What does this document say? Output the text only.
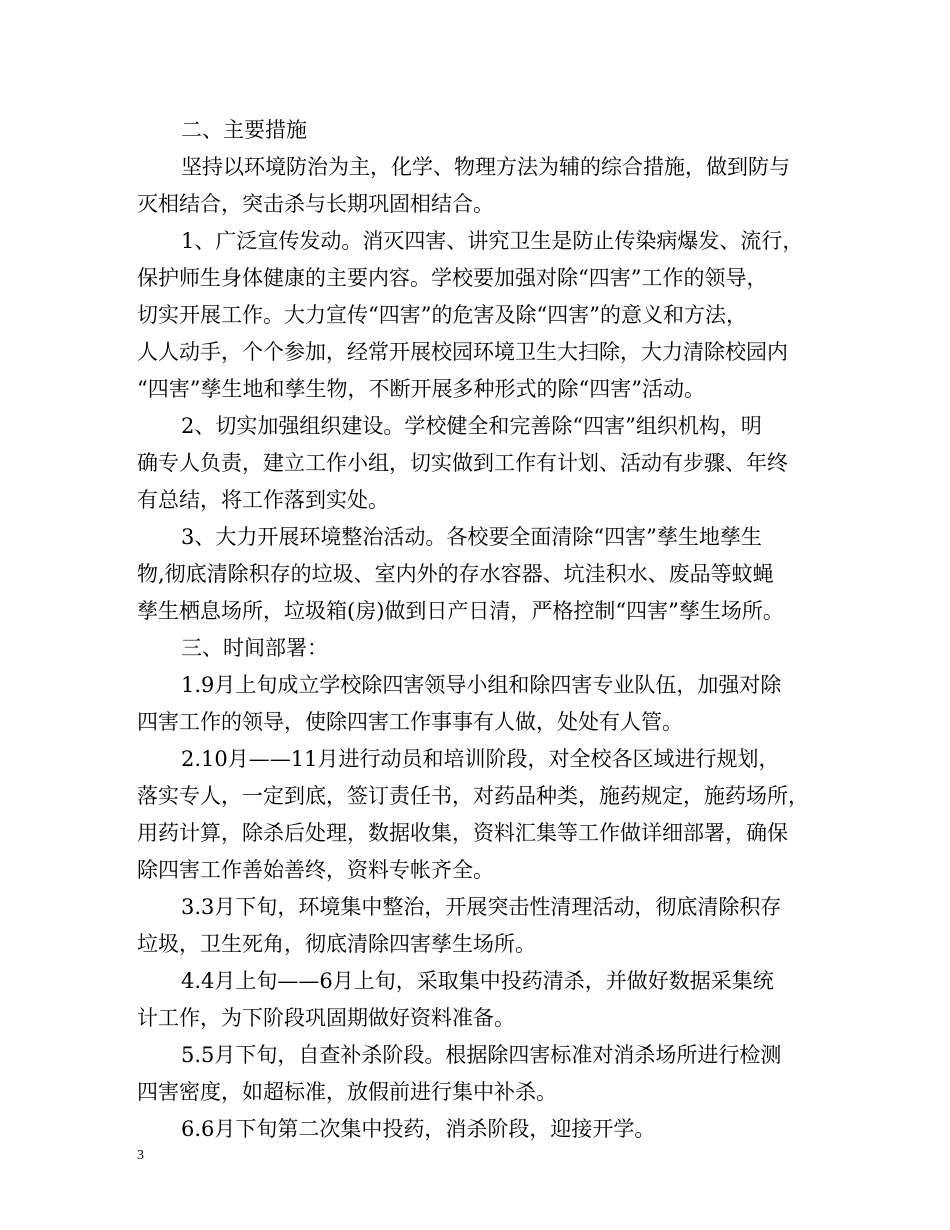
二、主要措施

坚持以环境防治为主，化学、物理方法为辅的综合措施，做到防与

灭相结合，突击杀与长期巩固相结合。

1、广泛宣传发动。消灭四害、讲究卫生是防止传染病爆发、流行，

保护师生身体健康的主要内容。学校要加强对除“四害”工作的领导，

切实开展工作。大力宣传“四害”的危害及除“四害”的意义和方法，

人人动手，个个参加，经常开展校园环境卫生大扫除，大力清除校园内

“四害”孳生地和孳生物，不断开展多种形式的除“四害”活动。

2、切实加强组织建设。学校健全和完善除“四害”组织机构，明

确专人负责，建立工作小组，切实做到工作有计划、活动有步骤、年终

有总结，将工作落到实处。

3、大力开展环境整治活动。各校要全面清除“四害”孳生地孳生

物,彻底清除积存的垃圾、室内外的存水容器、坑洼积水、废品等蚊蝇

孳生栖息场所，垃圾箱(房)做到日产日清，严格控制“四害”孳生场所。

三、时间部署：

1.9月上旬成立学校除四害领导小组和除四害专业队伍，加强对除

四害工作的领导，使除四害工作事事有人做，处处有人管。

2.10月——11月进行动员和培训阶段，对全校各区域进行规划，

落实专人，一定到底，签订责任书，对药品种类，施药规定，施药场所，

用药计算，除杀后处理，数据收集，资料汇集等工作做详细部署，确保

除四害工作善始善终，资料专帐齐全。

3.3月下旬，环境集中整治，开展突击性清理活动，彻底清除积存

垃圾，卫生死角，彻底清除四害孳生场所。

4.4月上旬——6月上旬，采取集中投药清杀，并做好数据采集统

计工作，为下阶段巩固期做好资料准备。

5.5月下旬，自查补杀阶段。根据除四害标准对消杀场所进行检测

四害密度，如超标准，放假前进行集中补杀。

6.6月下旬第二次集中投药，消杀阶段，迎接开学。

3
